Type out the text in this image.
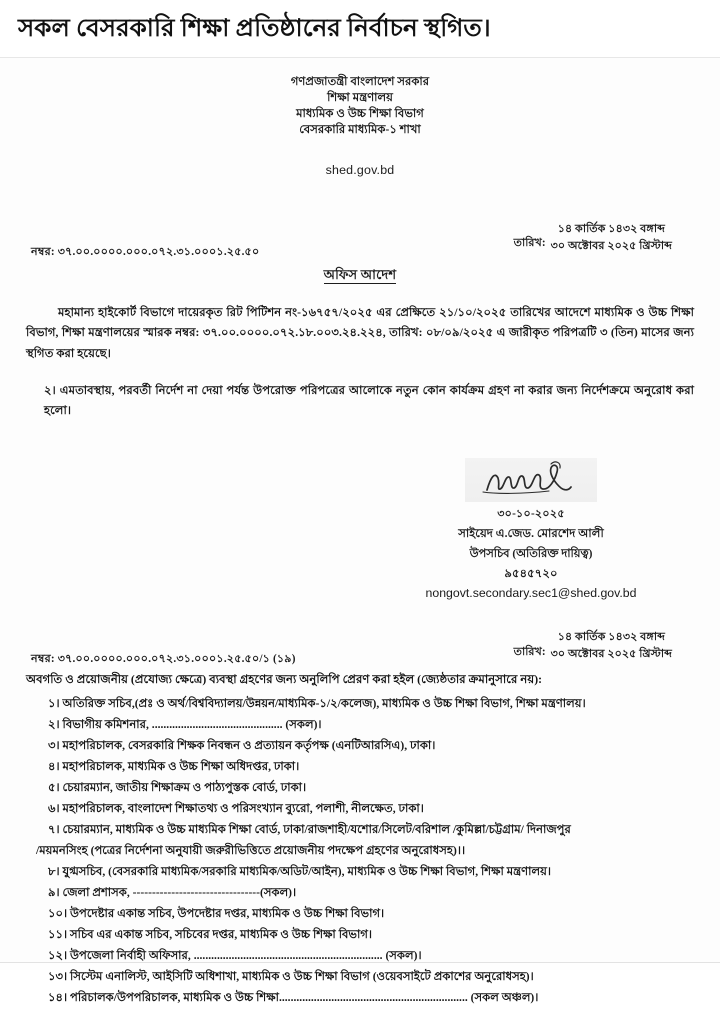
সকল বেসরকারি শিক্ষা প্রতিষ্ঠানের নির্বাচন স্থগিত।
গণপ্রজাতন্ত্রী বাংলাদেশ সরকার
শিক্ষা মন্ত্রণালয়
মাধ্যমিক ও উচ্চ শিক্ষা বিভাগ
বেসরকারি মাধ্যমিক-১ শাখা
shed.gov.bd
নম্বর: ৩৭.০০.০০০০.০০০.০৭২.৩১.০০০১.২৫.৫০
তারিখ:
১৪ কার্তিক ১৪৩২ বঙ্গাব্দ
৩০ অক্টোবর ২০২৫ খ্রিস্টাব্দ
অফিস আদেশ
মহামান্য হাইকোর্ট বিভাগে দায়েরকৃত রিট পিটিশন নং-১৬৭৫৭/২০২৫ এর প্রেক্ষিতে ২১/১০/২০২৫ তারিখের আদেশে মাধ্যমিক ও উচ্চ শিক্ষা বিভাগ, শিক্ষা মন্ত্রণালয়ের স্মারক নম্বর: ৩৭.০০.০০০০.০৭২.১৮.০০৩.২৪.২২৪, তারিখ: ০৮/০৯/২০২৫ এ জারীকৃত পরিপত্রটি ৩ (তিন) মাসের জন্য স্থগিত করা হয়েছে।
২। এমতাবস্থায়, পরবর্তী নির্দেশ না দেয়া পর্যন্ত উপরোক্ত পরিপত্রের আলোকে নতুন কোন কার্যক্রম গ্রহণ না করার জন্য নির্দেশক্রমে অনুরোধ করা হলো।
৩০-১০-২০২৫
সাইয়েদ এ.জেড. মোরশেদ আলী
উপসচিব (অতিরিক্ত দায়িত্ব)
৯৫৪৫৭২০
nongovt.secondary.sec1@shed.gov.bd
নম্বর: ৩৭.০০.০০০০.০০০.০৭২.৩১.০০০১.২৫.৫০/১ (১৯)
তারিখ:
১৪ কার্তিক ১৪৩২ বঙ্গাব্দ
৩০ অক্টোবর ২০২৫ খ্রিস্টাব্দ
অবগতি ও প্রয়োজনীয় (প্রযোজ্য ক্ষেত্রে) ব্যবস্থা গ্রহণের জন্য অনুলিপি প্রেরণ করা হইল (জ্যেষ্ঠতার ক্রমানুসারে নয়):
১। অতিরিক্ত সচিব,(প্রঃ ও অর্থ/বিশ্ববিদ্যালয়/উন্নয়ন/মাধ্যমিক-১/২/কলেজ), মাধ্যমিক ও উচ্চ শিক্ষা বিভাগ, শিক্ষা মন্ত্রণালয়।
২। বিভাগীয় কমিশনার, ............................................. (সকল)।
৩। মহাপরিচালক, বেসরকারি শিক্ষক নিবন্ধন ও প্রত্যায়ন কর্তৃপক্ষ (এনটিআরসিএ), ঢাকা।
৪। মহাপরিচালক, মাধ্যমিক ও উচ্চ শিক্ষা অধিদপ্তর, ঢাকা।
৫। চেয়ারম্যান, জাতীয় শিক্ষাক্রম ও পাঠ্যপুস্তক বোর্ড, ঢাকা।
৬। মহাপরিচালক, বাংলাদেশ শিক্ষাতথ্য ও পরিসংখ্যান ব্যুরো, পলাশী, নীলক্ষেত, ঢাকা।
৭। চেয়ারম্যান, মাধ্যমিক ও উচ্চ মাধ্যমিক শিক্ষা বোর্ড, ঢাকা/রাজশাহী/যশোর/সিলেট/বরিশাল /কুমিল্লা/চট্টগ্রাম/ দিনাজপুর
/ময়মনসিংহ (পত্রের নির্দেশনা অনুযায়ী জরুরীভিত্তিতে প্রয়োজনীয় পদক্ষেপ গ্রহণের অনুরোধসহ)।।
৮। যুগ্মসচিব, (বেসরকারি মাধ্যমিক/সরকারি মাধ্যমিক/অডিট/আইন), মাধ্যমিক ও উচ্চ শিক্ষা বিভাগ, শিক্ষা মন্ত্রণালয়।
৯। জেলা প্রশাসক, ---------------------------------(সকল)।
১০। উপদেষ্টার একান্ত সচিব, উপদেষ্টার দপ্তর, মাধ্যমিক ও উচ্চ শিক্ষা বিভাগ।
১১। সচিব এর একান্ত সচিব, সচিবের দপ্তর, মাধ্যমিক ও উচ্চ শিক্ষা বিভাগ।
১২। উপজেলা নির্বাহী অফিসার, ................................................................. (সকল)।
১৩। সিস্টেম এনালিস্ট, আইসিটি অধিশাখা, মাধ্যমিক ও উচ্চ শিক্ষা বিভাগ (ওয়েবসাইটে প্রকাশের অনুরোধসহ)।
১৪। পরিচালক/উপপরিচালক, মাধ্যমিক ও উচ্চ শিক্ষা................................................................. (সকল অঞ্চল)।
